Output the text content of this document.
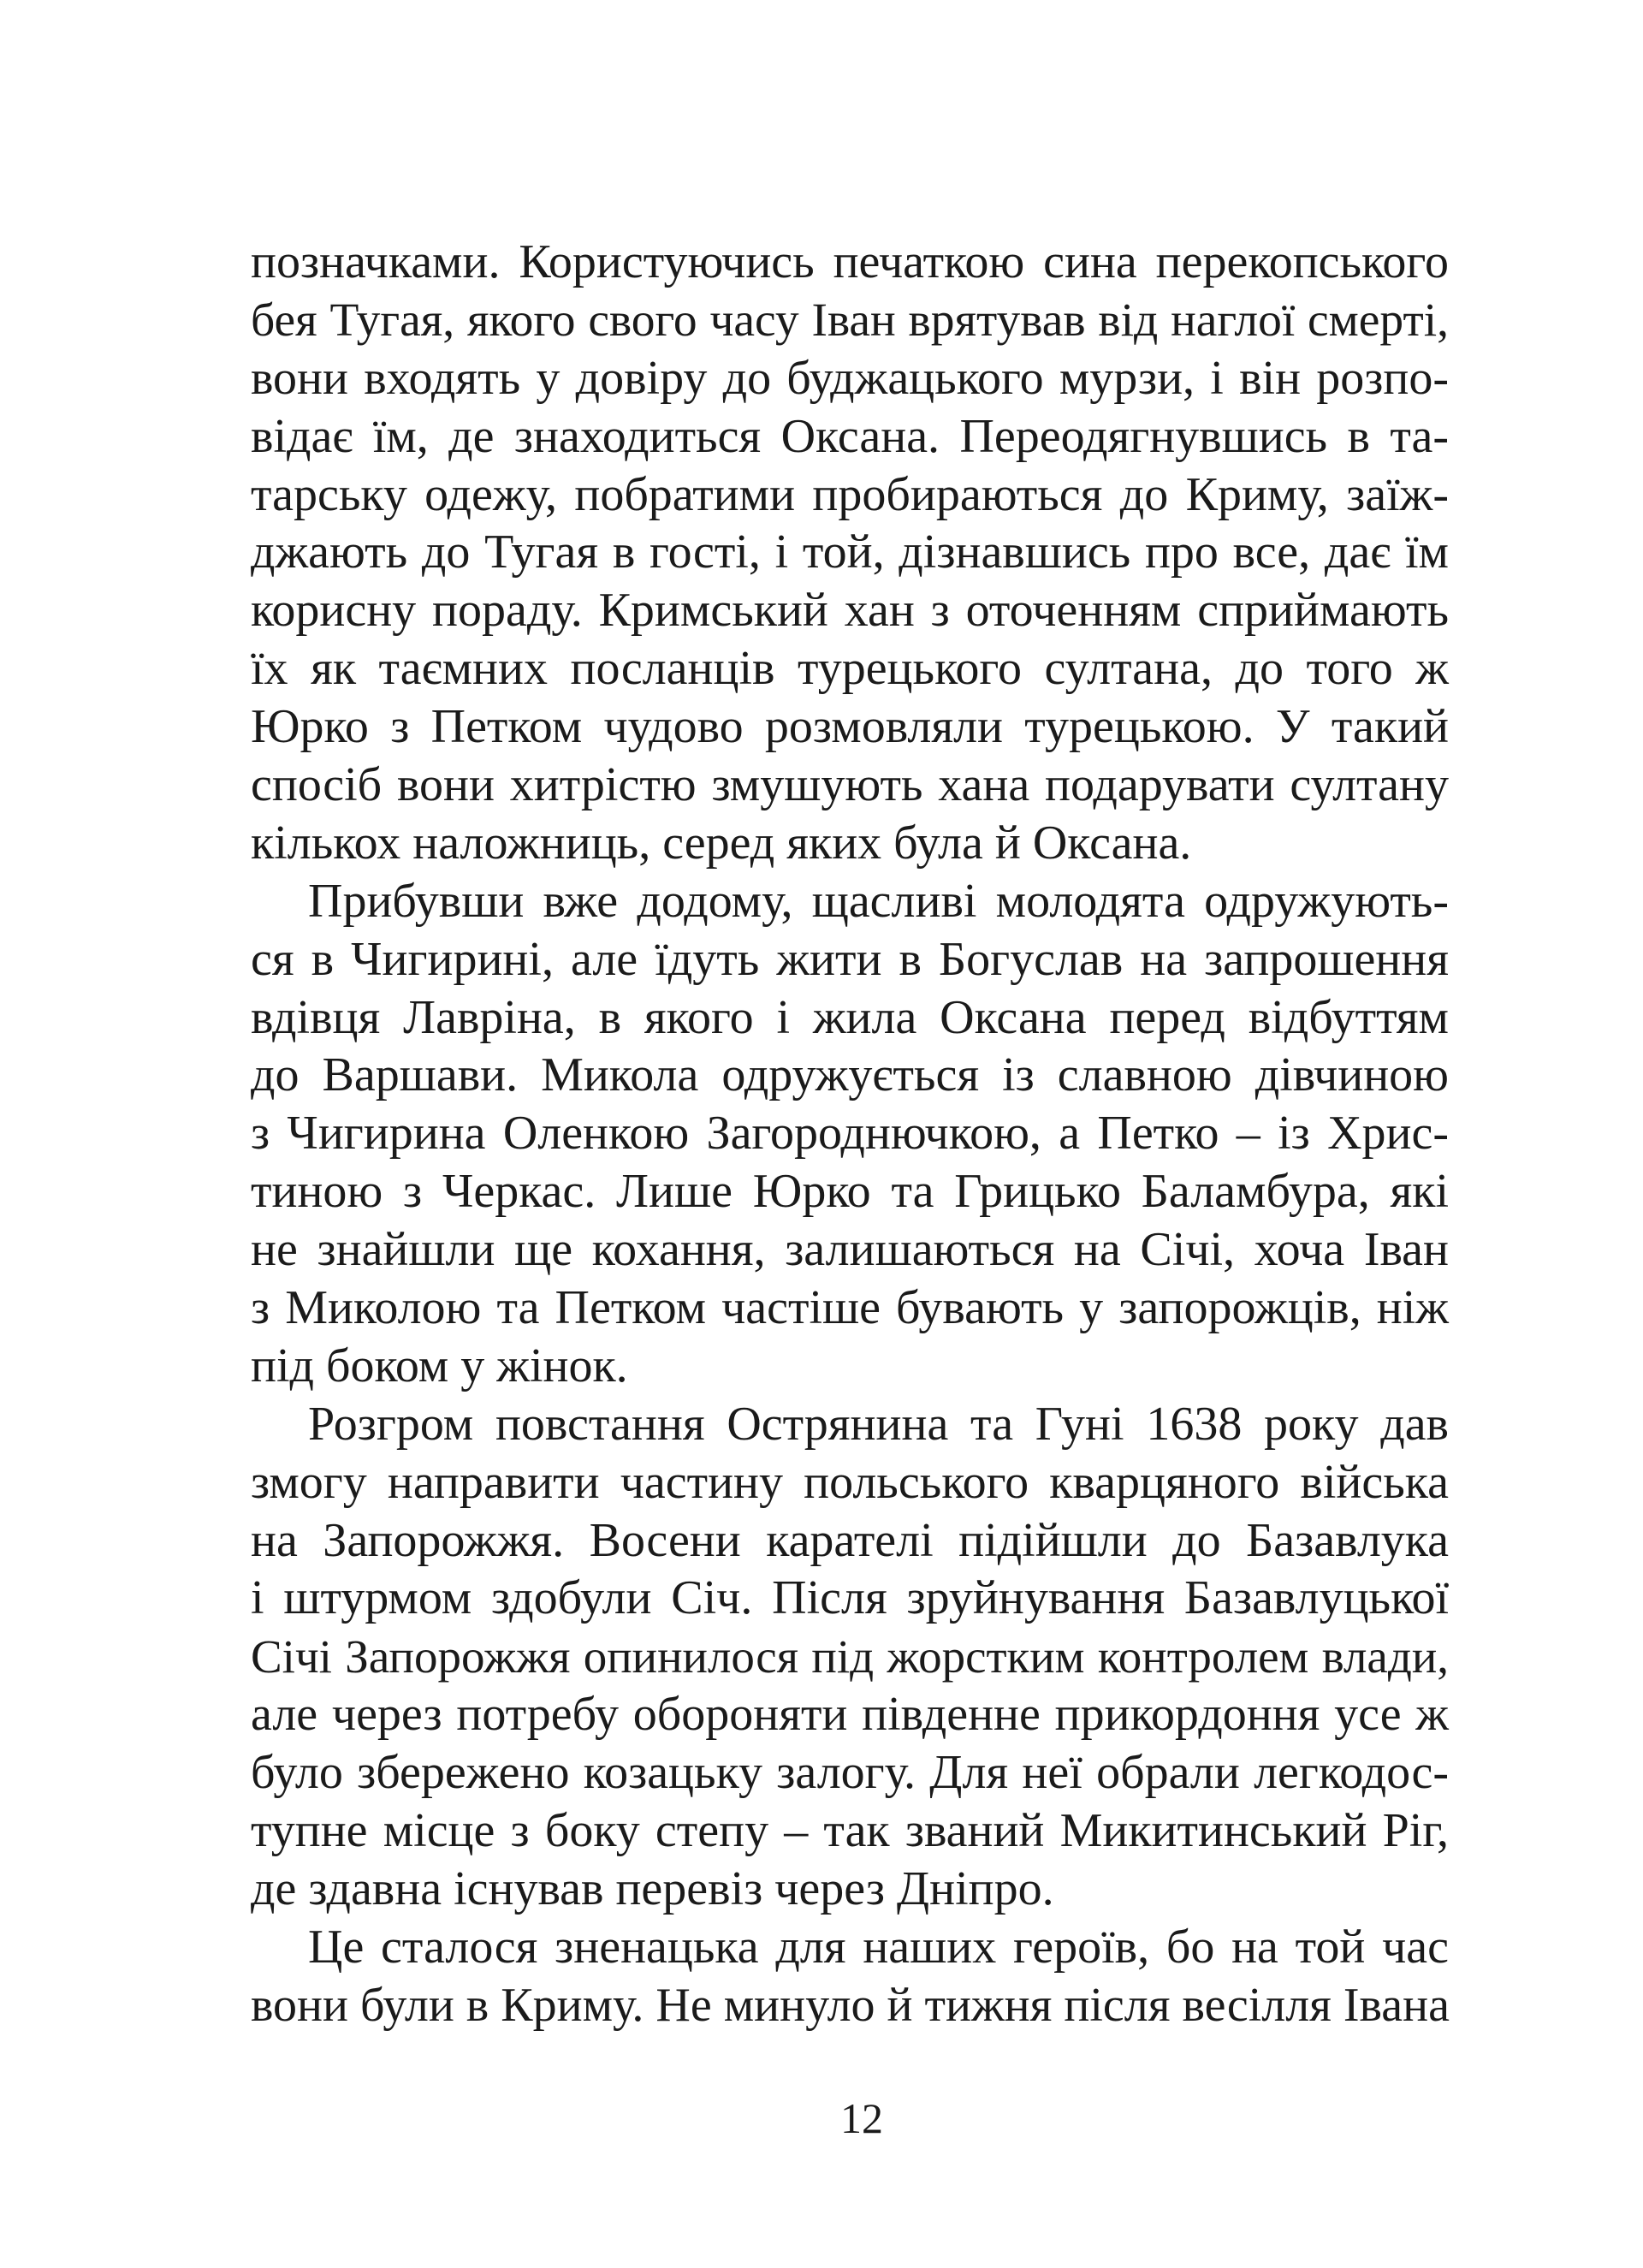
позначками. Користуючись печаткою сина перекопського
бея Тугая, якого свого часу Іван врятував від наглої смерті,
вони входять у довіру до буджацького мурзи, і він розпо-
відає їм, де знаходиться Оксана. Переодягнувшись в та-
тарську одежу, побратими пробираються до Криму, заїж-
джають до Тугая в гості, і той, дізнавшись про все, дає їм
корисну пораду. Кримський хан з оточенням сприймають
їх як таємних посланців турецького султана, до того ж
Юрко з Петком чудово розмовляли турецькою. У такий
спосіб вони хитрістю змушують хана подарувати султану
кількох наложниць, серед яких була й Оксана.
Прибувши вже додому, щасливі молодята одружують-
ся в Чигирині, але їдуть жити в Богуслав на запрошення
вдівця Лавріна, в якого і жила Оксана перед відбуттям
до Варшави. Микола одружується із славною дівчиною
з Чигирина Оленкою Загороднючкою, а Петко – із Хрис-
тиною з Черкас. Лише Юрко та Грицько Баламбура, які
не знайшли ще кохання, залишаються на Січі, хоча Іван
з Миколою та Петком частіше бувають у запорожців, ніж
під боком у жінок.
Розгром повстання Острянина та Гуні 1638 року дав
змогу направити частину польського кварцяного війська
на Запорожжя. Восени карателі підійшли до Базавлука
і штурмом здобули Січ. Після зруйнування Базавлуцької
Січі Запорожжя опинилося під жорстким контролем влади,
але через потребу обороняти південне прикордоння усе ж
було збережено козацьку залогу. Для неї обрали легкодос-
тупне місце з боку степу – так званий Микитинський Ріг,
де здавна існував перевіз через Дніпро.
Це сталося зненацька для наших героїв, бо на той час
вони були в Криму. Не минуло й тижня після весілля Івана
12
